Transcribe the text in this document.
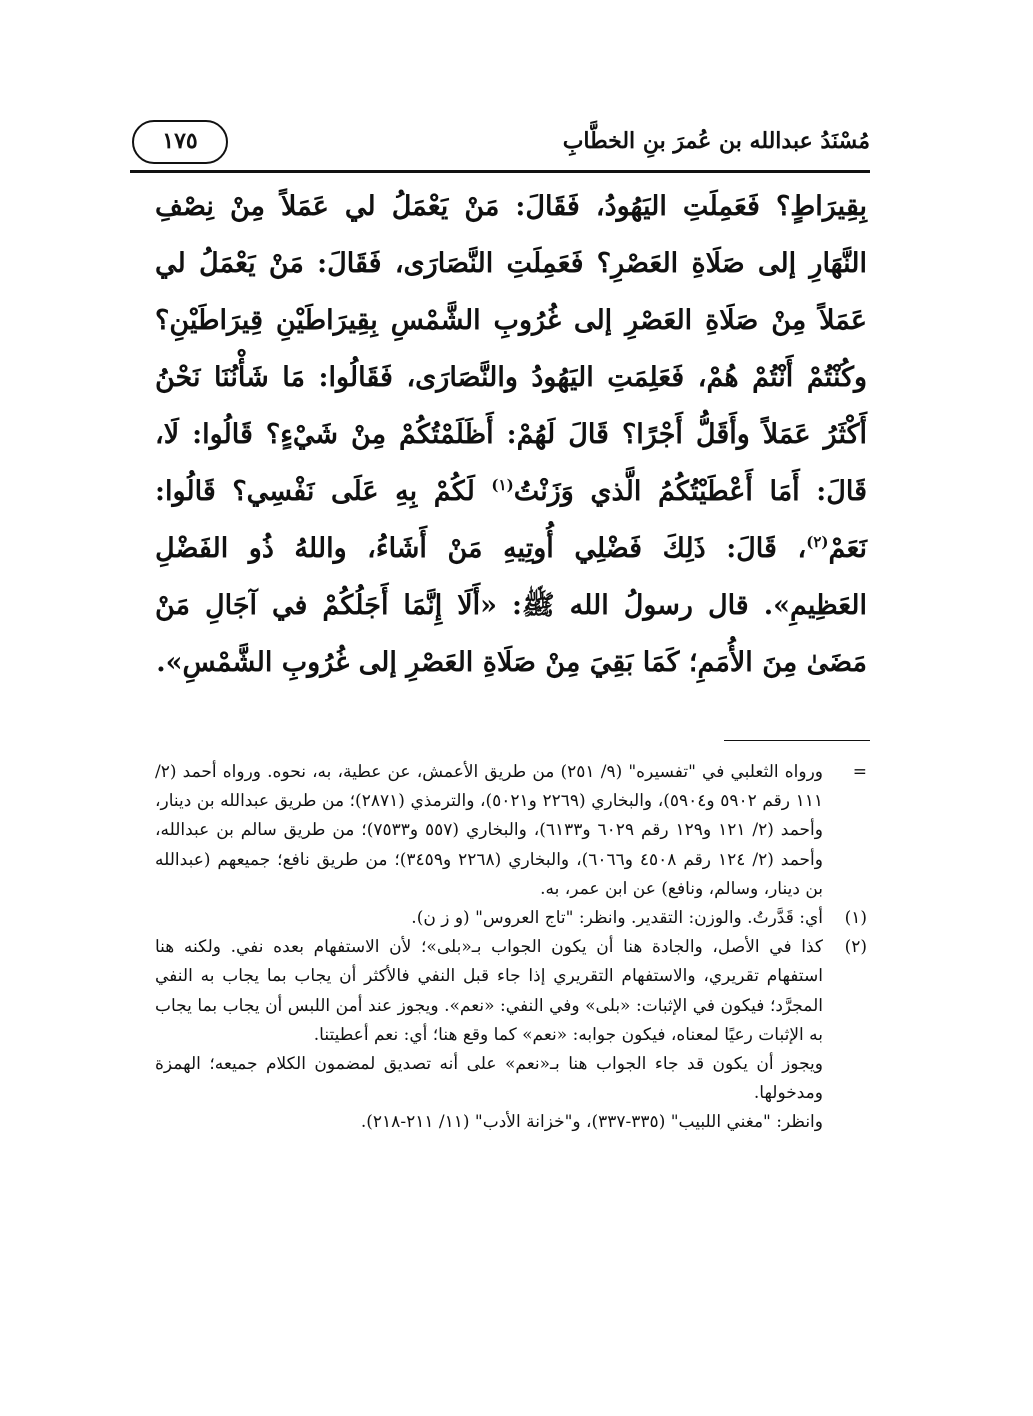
مُسْنَدُ عبدالله بن عُمرَ بنِ الخطَّابِ
١٧٥
بِقِيرَاطٍ؟ فَعَمِلَتِ اليَهُودُ، فَقَالَ: مَنْ يَعْمَلُ لي عَمَلاً مِنْ نِصْفِ النَّهَارِ إلى صَلَاةِ العَصْرِ؟ فَعَمِلَتِ النَّصَارَى، فَقَالَ: مَنْ يَعْمَلُ لي عَمَلاً مِنْ صَلَاةِ العَصْرِ إلى غُرُوبِ الشَّمْسِ بِقِيرَاطَيْنِ قِيرَاطَيْنِ؟ وكُنْتُمْ أَنْتُمْ هُمْ، فَعَلِمَتِ اليَهُودُ والنَّصَارَى، فَقَالُوا: مَا شَأْنُنَا نَحْنُ أَكْثَرُ عَمَلاً وأَقَلُّ أَجْرًا؟ قَالَ لَهُمْ: أَظَلَمْتُكُمْ مِنْ شَيْءٍ؟ قَالُوا: لَا، قَالَ: أَمَا أَعْطَيْتُكُمُ الَّذي وَزَنْتُ$^{(١)}$ لَكُمْ بِهِ عَلَى نَفْسِي؟ قَالُوا: نَعَمْ$^{(٢)}$، قَالَ: ذَلِكَ فَضْلِي أُوتِيهِ مَنْ أَشَاءُ، واللهُ ذُو الفَضْلِ العَظِيمِ». قال رسولُ الله ﷺ: «أَلَا إِنَّمَا أَجَلُكُمْ في آجَالِ مَنْ مَضَىٰ مِنَ الأُمَمِ؛ كَمَا بَقِيَ مِنْ صَلَاةِ العَصْرِ إلى غُرُوبِ الشَّمْسِ».
=

ورواه الثعلبي في "تفسيره" (٩/ ٢٥١) من طريق الأعمش، عن عطية، به، نحوه. ورواه أحمد (٢/ ١١١ رقم ٥٩٠٢ و٥٩٠٤)، والبخاري (٢٢٦٩ و٥٠٢١)، والترمذي (٢٨٧١)؛ من طريق عبدالله بن دينار، وأحمد (٢/ ١٢١ و١٢٩ رقم ٦٠٢٩ و٦١٣٣)، والبخاري (٥٥٧ و٧٥٣٣)؛ من طريق سالم بن عبدالله، وأحمد (٢/ ١٢٤ رقم ٤٥٠٨ و٦٠٦٦)، والبخاري (٢٢٦٨ و٣٤٥٩)؛ من طريق نافع؛ جميعهم (عبدالله بن دينار، وسالم، ونافع) عن ابن عمر، به.

(١)

أي: قَدَّرتُ. والوزن: التقدير. وانظر: "تاج العروس" (و ز ن).

(٢)

كذا في الأصل، والجادة هنا أن يكون الجواب بـ«بلى»؛ لأن الاستفهام بعده نفي. ولكنه هنا استفهام تقريري، والاستفهام التقريري إذا جاء قبل النفي فالأكثر أن يجاب بما يجاب به النفي المجرَّد؛ فيكون في الإثبات: «بلى» وفي النفي: «نعم». ويجوز عند أمن اللبس أن يجاب بما يجاب به الإثبات رعيًا لمعناه، فيكون جوابه: «نعم» كما وقع هنا؛ أي: نعم أعطيتنا.

ويجوز أن يكون قد جاء الجواب هنا بـ«نعم» على أنه تصديق لمضمون الكلام جميعه؛ الهمزة ومدخولها.

وانظر: "مغني اللبيب" (٣٣٥-٣٣٧)، و"خزانة الأدب" (١١/ ٢١١-٢١٨).
